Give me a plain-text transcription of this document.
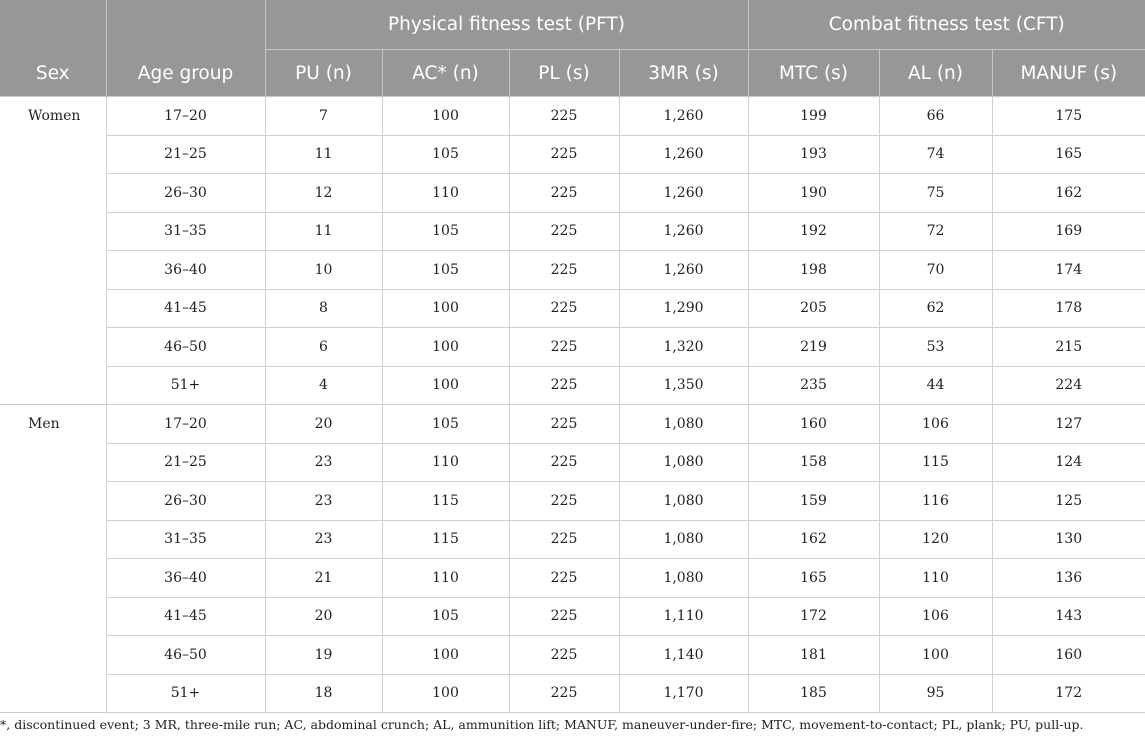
Sex	Age group	Physical fitness test (PFT)				Combat fitness test (CFT)		
		PU (n)	AC* (n)	PL (s)	3MR (s)	MTC (s)	AL (n)	MANUF (s)
Women	17–20	7	100	225	1,260	199	66	175
	21–25	11	105	225	1,260	193	74	165
	26–30	12	110	225	1,260	190	75	162
	31–35	11	105	225	1,260	192	72	169
	36–40	10	105	225	1,260	198	70	174
	41–45	8	100	225	1,290	205	62	178
	46–50	6	100	225	1,320	219	53	215
	51+	4	100	225	1,350	235	44	224
Men	17–20	20	105	225	1,080	160	106	127
	21–25	23	110	225	1,080	158	115	124
	26–30	23	115	225	1,080	159	116	125
	31–35	23	115	225	1,080	162	120	130
	36–40	21	110	225	1,080	165	110	136
	41–45	20	105	225	1,110	172	106	143
	46–50	19	100	225	1,140	181	100	160
	51+	18	100	225	1,170	185	95	172
*, discontinued event; 3 MR, three-mile run; AC, abdominal crunch; AL, ammunition lift; MANUF, maneuver-under-fire; MTC, movement-to-contact; PL, plank; PU, pull-up.
